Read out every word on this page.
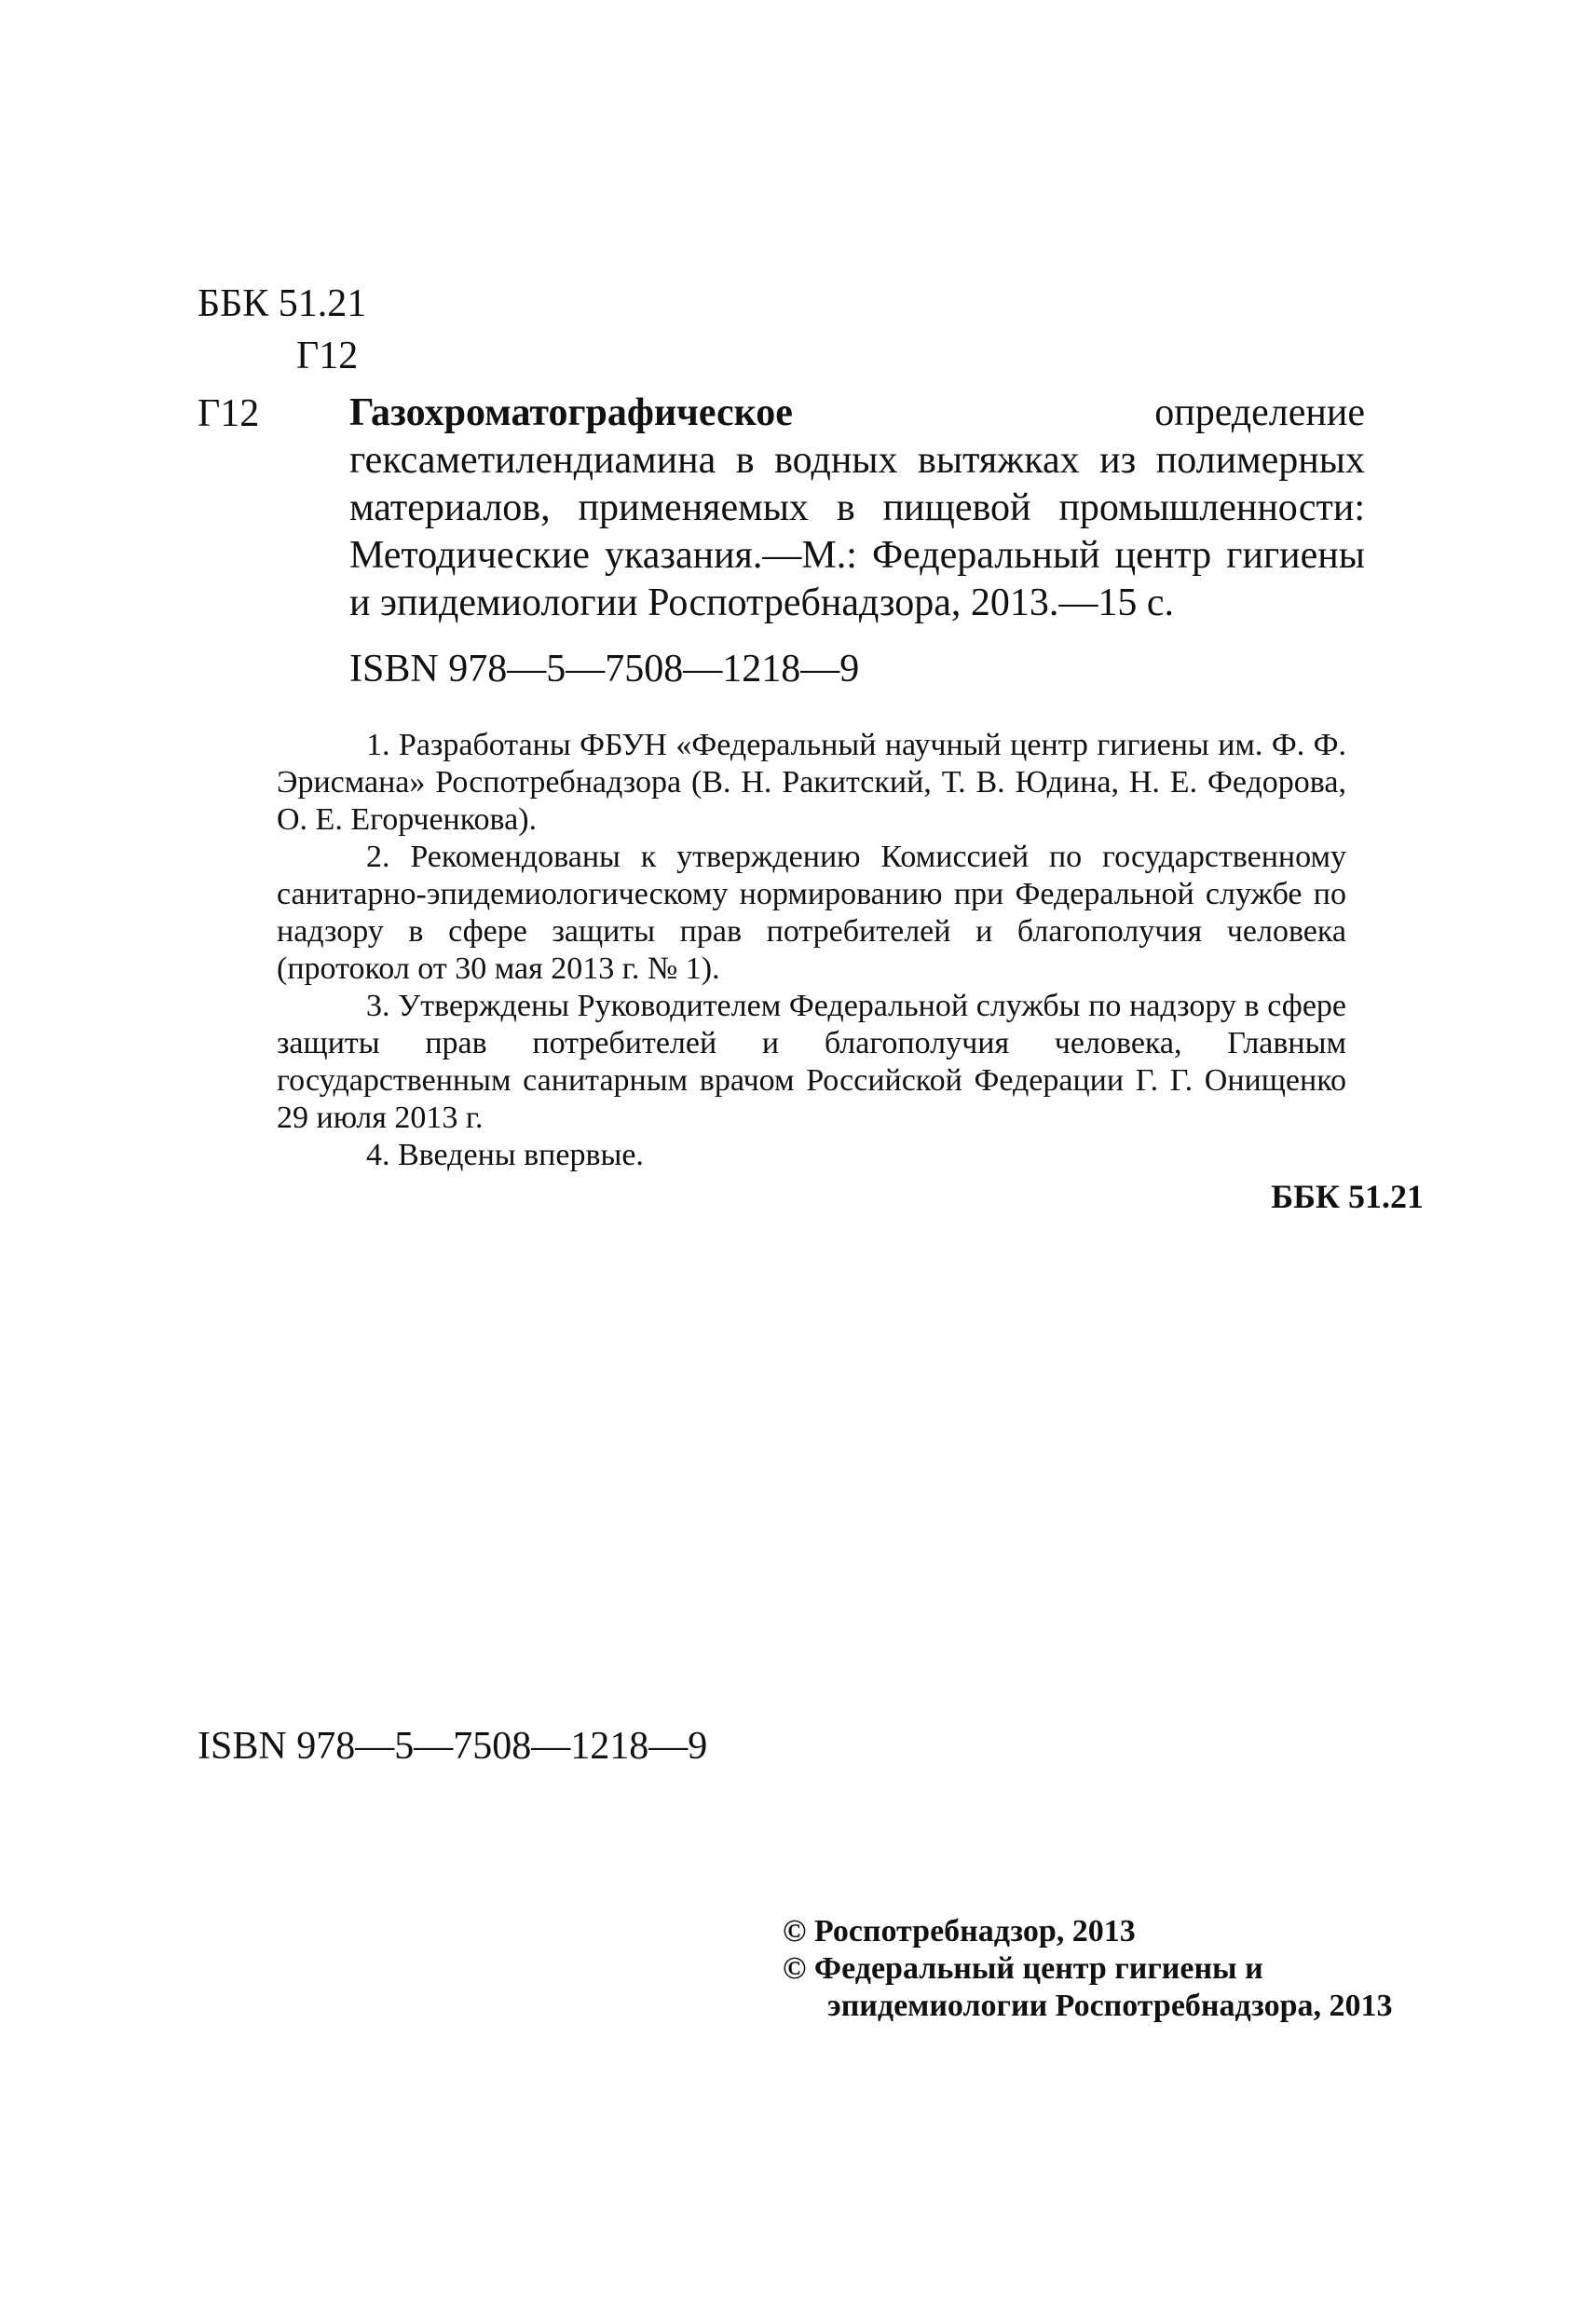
ББК 51.21
Г12
Г12 Газохроматографическое определение гексаметилендиамина в водных вытяжках из полимерных материалов, применяемых в пищевой промышленности: Методические указания.—М.: Федеральный центр гигиены и эпидемиологии Роспотребнадзора, 2013.—15 с.
ISBN 978—5—7508—1218—9

1. Разработаны ФБУН «Федеральный научный центр гигиены им. Ф. Ф. Эрисмана» Роспотребнадзора (В. Н. Ракитский, Т. В. Юдина, Н. Е. Федорова, О. Е. Егорченкова).

2. Рекомендованы к утверждению Комиссией по государственному санитарно-эпидемиологическому нормированию при Федеральной службе по надзору в сфере защиты прав потребителей и благополучия человека (протокол от 30 мая 2013 г. № 1).

3. Утверждены Руководителем Федеральной службы по надзору в сфере защиты прав потребителей и благополучия человека, Главным государственным санитарным врачом Российской Федерации Г. Г. Онищенко 29 июля 2013 г.

4. Введены впервые.

ББК 51.21
ISBN 978—5—7508—1218—9
© Роспотребнадзор, 2013
© Федеральный центр гигиены и
эпидемиологии Роспотребнадзора, 2013
